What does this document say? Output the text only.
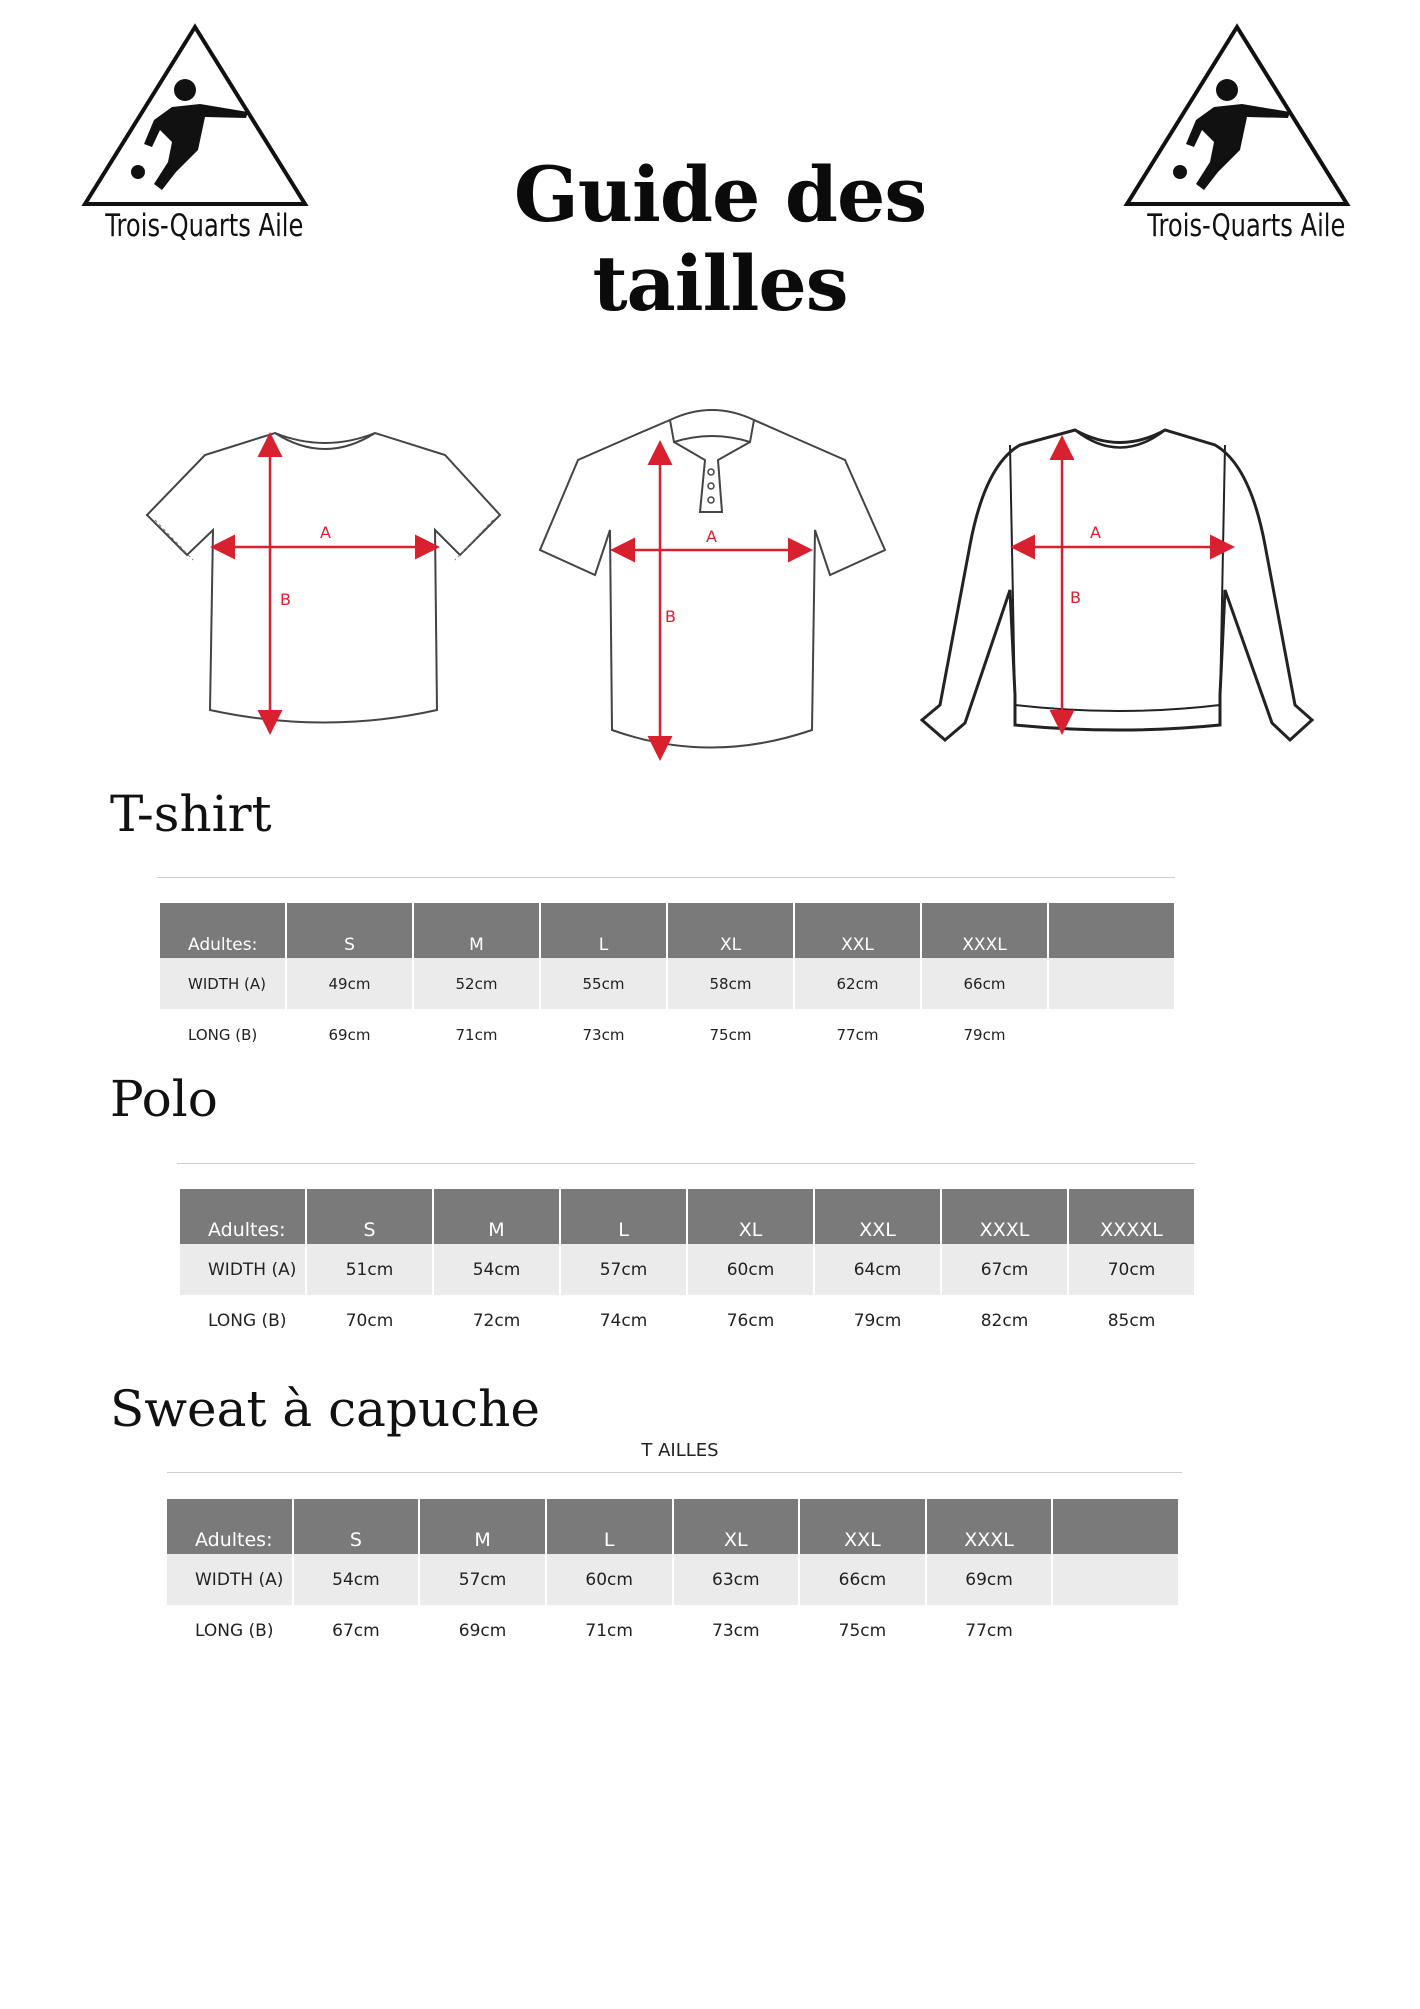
Trois-Quarts Aile	Trois-Quarts Aile
Guide des tailles
A
B
A
B
A
B
T-shirt
Adultes:	S	M	L	XL	XXL	XXXL	
WIDTH (A)	49cm	52cm	55cm	58cm	62cm	66cm	
LONG (B)	69cm	71cm	73cm	75cm	77cm	79cm	
Polo
Adultes:	S	M	L	XL	XXL	XXXL	XXXXL
WIDTH (A)	51cm	54cm	57cm	60cm	64cm	67cm	70cm
LONG (B)	70cm	72cm	74cm	76cm	79cm	82cm	85cm
Sweat à capuche
T AILLES
Adultes:	S	M	L	XL	XXL	XXXL	
WIDTH (A)	54cm	57cm	60cm	63cm	66cm	69cm	
LONG (B)	67cm	69cm	71cm	73cm	75cm	77cm	
